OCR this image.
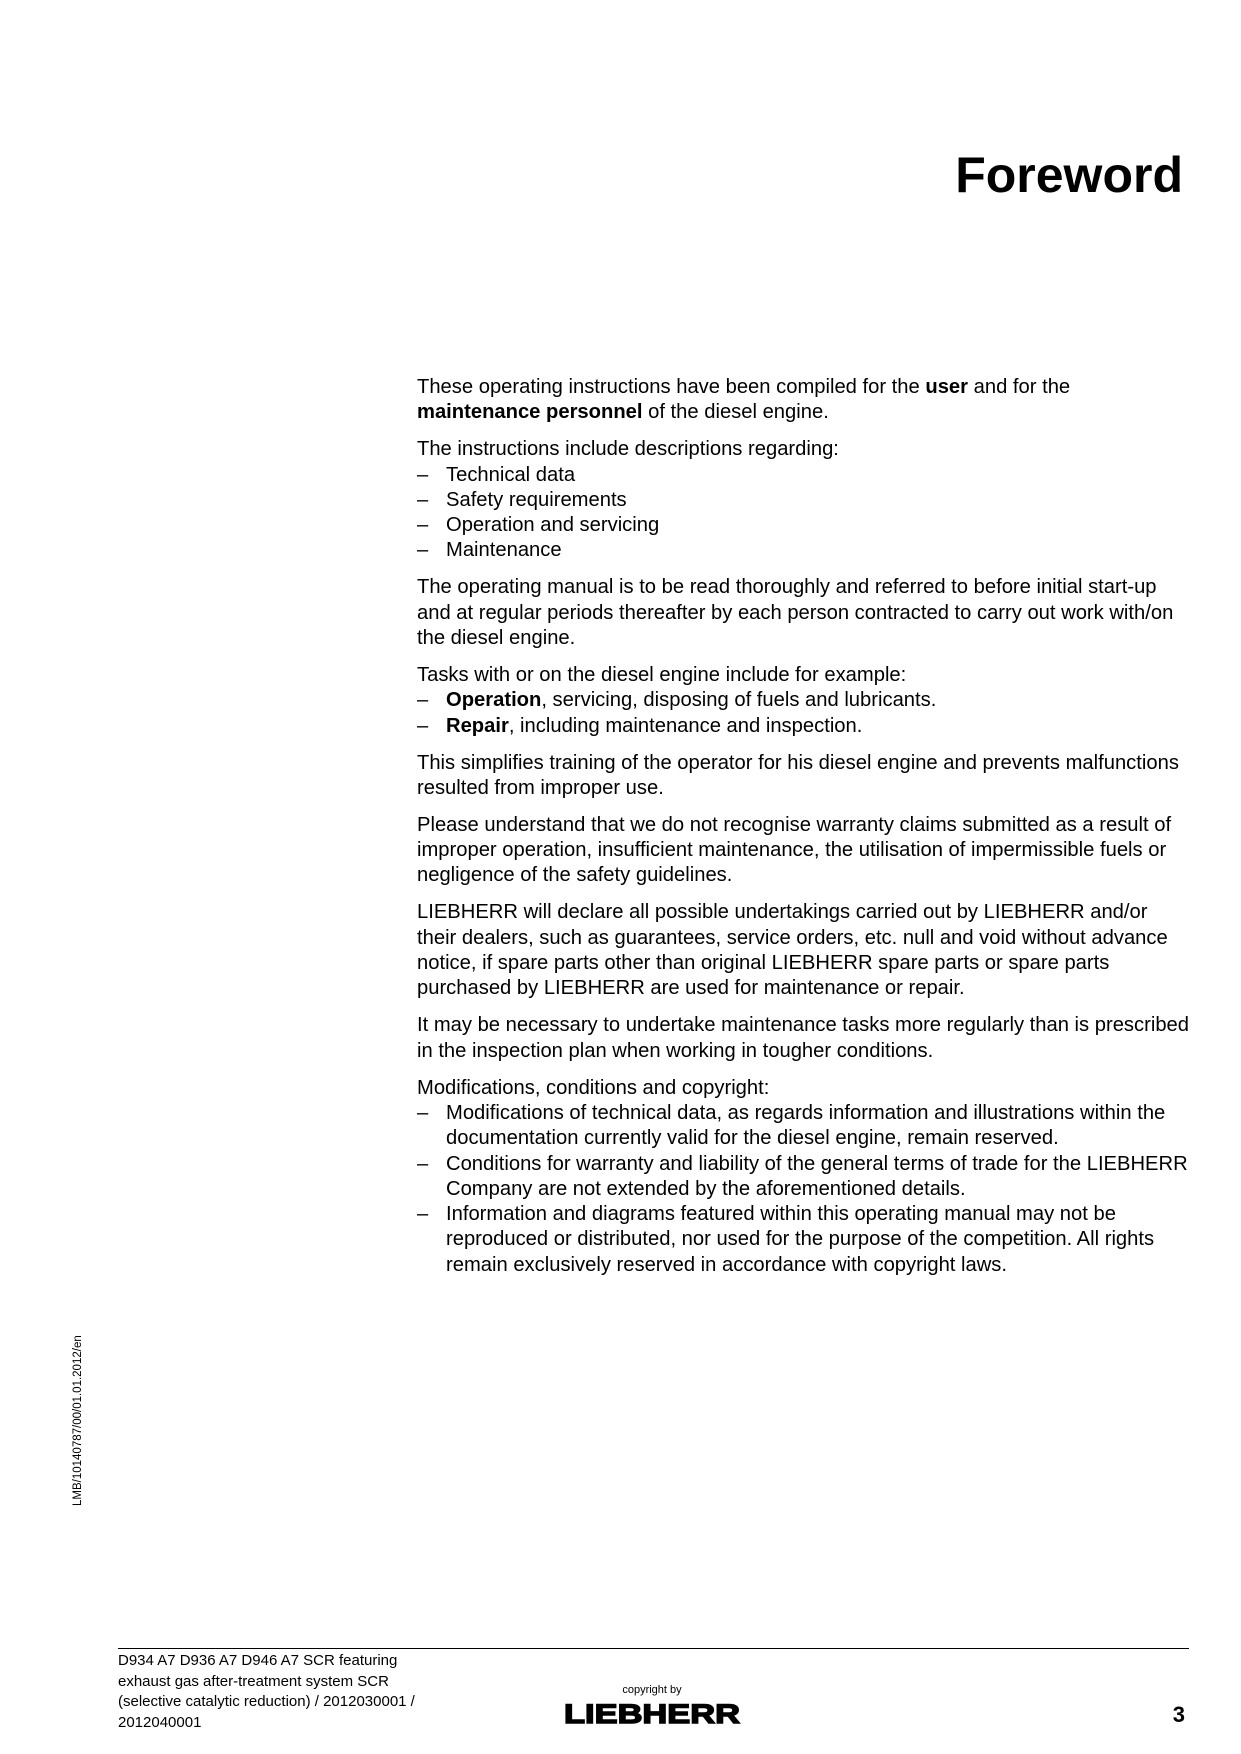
Foreword

These operating instructions have been compiled for the user and for the maintenance personnel of the diesel engine.

The instructions include descriptions regarding:

– Technical data
– Safety requirements
– Operation and servicing
– Maintenance

The operating manual is to be read thoroughly and referred to before initial start-up and at regular periods thereafter by each person contracted to carry out work with/on the diesel engine.

Tasks with or on the diesel engine include for example:

– Operation, servicing, disposing of fuels and lubricants.
– Repair, including maintenance and inspection.

This simplifies training of the operator for his diesel engine and prevents malfunctions resulted from improper use.

Please understand that we do not recognise warranty claims submitted as a result of improper operation, insufficient maintenance, the utilisation of impermissible fuels or negligence of the safety guidelines.

LIEBHERR will declare all possible undertakings carried out by LIEBHERR and/or their dealers, such as guarantees, service orders, etc. null and void without advance notice, if spare parts other than original LIEBHERR spare parts or spare parts purchased by LIEBHERR are used for maintenance or repair.

It may be necessary to undertake maintenance tasks more regularly than is prescribed in the inspection plan when working in tougher conditions.

Modifications, conditions and copyright:

– Modifications of technical data, as regards information and illustrations within the documentation currently valid for the diesel engine, remain reserved.
– Conditions for warranty and liability of the general terms of trade for the LIEBHERR Company are not extended by the aforementioned details.
– Information and diagrams featured within this operating manual may not be reproduced or distributed, nor used for the purpose of the competition. All rights remain exclusively reserved in accordance with copyright laws.
LMB/10140787/00/01.01.2012/en
D934 A7 D936 A7 D946 A7 SCR featuring
exhaust gas after-treatment system SCR
(selective catalytic reduction) / 2012030001 /
2012040001
copyright by
LIEBHERR	3
